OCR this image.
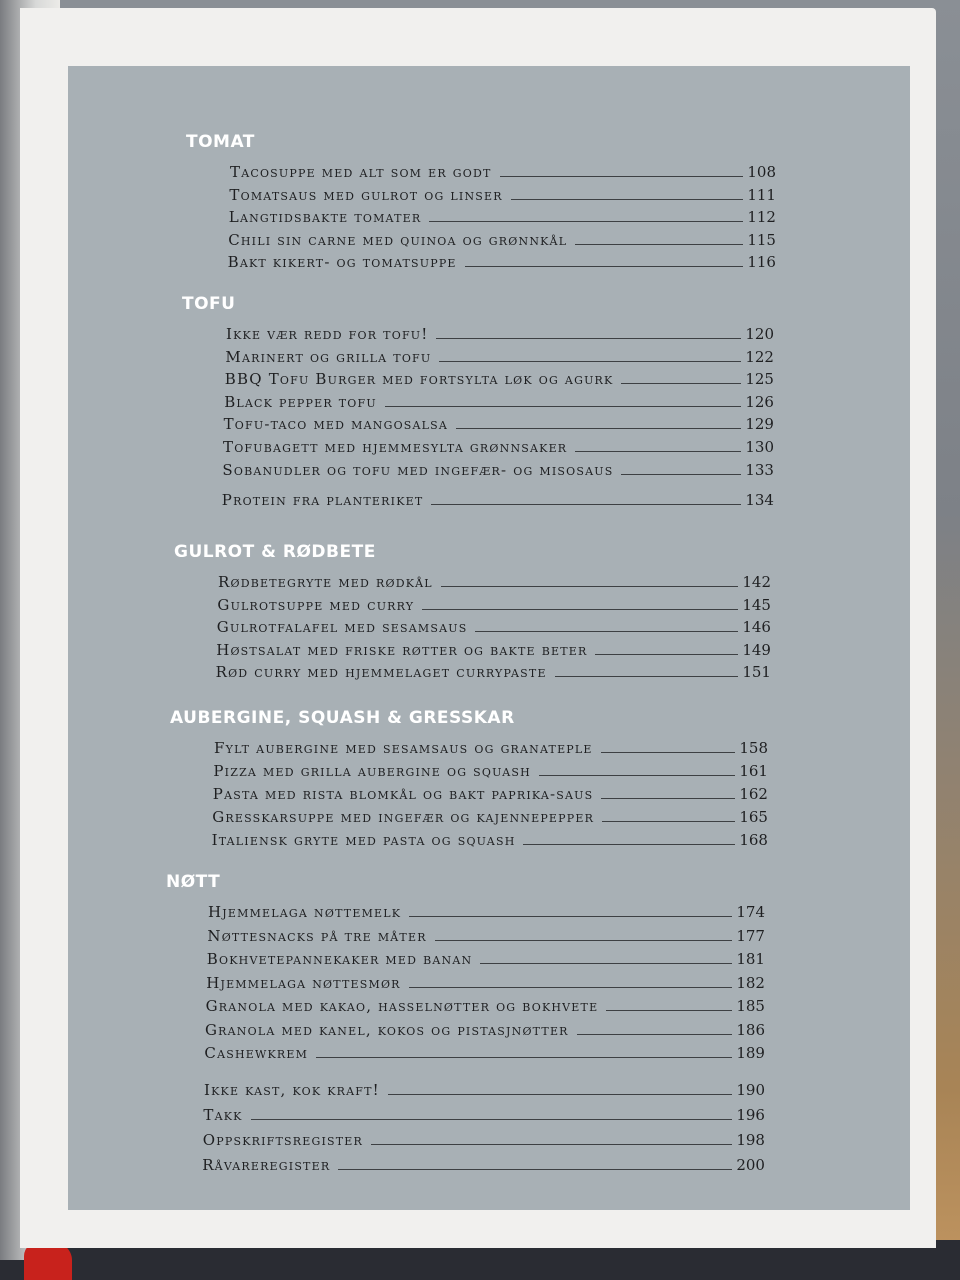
TOMAT
Tacosuppe med alt som er godt	108
Tomatsaus med gulrot og linser	111
Langtidsbakte tomater	112
Chili sin carne med quinoa og grønnkål	115
Bakt kikert- og tomatsuppe	116
TOFU
Ikke vær redd for tofu!	120
Marinert og grilla tofu	122
BBQ Tofu Burger med fortsylta løk og agurk	125
Black pepper tofu	126
Tofu-taco med mangosalsa	129
Tofubagett med hjemmesylta grønnsaker	130
Sobanudler og tofu med ingefær- og misosaus	133
Protein fra planteriket	134
GULROT & RØDBETE
Rødbetegryte med rødkål	142
Gulrotsuppe med curry	145
Gulrotfalafel med sesamsaus	146
Høstsalat med friske røtter og bakte beter	149
Rød curry med hjemmelaget currypaste	151
AUBERGINE, SQUASH & GRESSKAR
Fylt aubergine med sesamsaus og granateple	158
Pizza med grilla aubergine og squash	161
Pasta med rista blomkål og bakt paprika-saus	162
Gresskarsuppe med ingefær og kajennepepper	165
Italiensk gryte med pasta og squash	168
NØTT
Hjemmelaga nøttemelk	174
Nøttesnacks på tre måter	177
Bokhvetepannekaker med banan	181
Hjemmelaga nøttesmør	182
Granola med kakao, hasselnøtter og bokhvete	185
Granola med kanel, kokos og pistasjnøtter	186
Cashewkrem	189
Ikke kast, kok kraft!	190
Takk	196
Oppskriftsregister	198
Råvareregister	200
